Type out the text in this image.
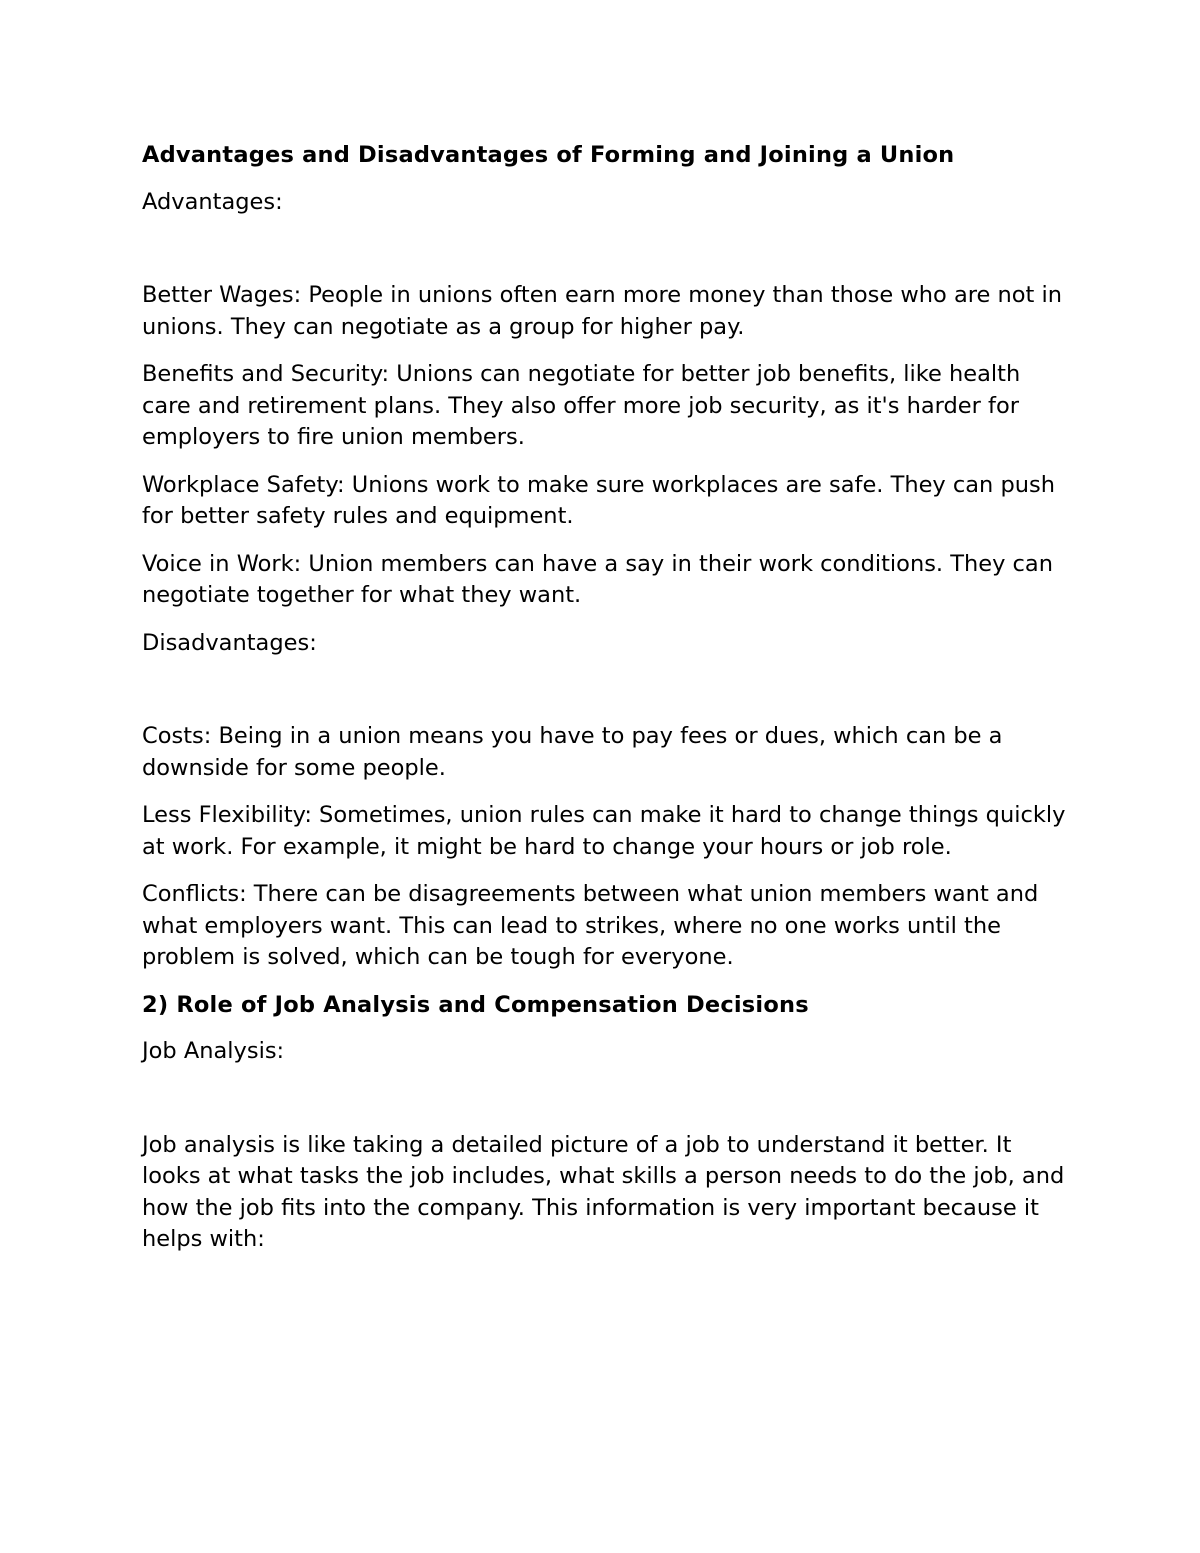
Advantages and Disadvantages of Forming and Joining a Union

Advantages:

Better Wages: People in unions often earn more money than those who are not in unions. They can negotiate as a group for higher pay.

Benefits and Security: Unions can negotiate for better job benefits, like health care and retirement plans. They also offer more job security, as it's harder for employers to fire union members.

Workplace Safety: Unions work to make sure workplaces are safe. They can push for better safety rules and equipment.

Voice in Work: Union members can have a say in their work conditions. They can negotiate together for what they want.

Disadvantages:

Costs: Being in a union means you have to pay fees or dues, which can be a downside for some people.

Less Flexibility: Sometimes, union rules can make it hard to change things quickly at work. For example, it might be hard to change your hours or job role.

Conflicts: There can be disagreements between what union members want and what employers want. This can lead to strikes, where no one works until the problem is solved, which can be tough for everyone.

2) Role of Job Analysis and Compensation Decisions

Job Analysis:

Job analysis is like taking a detailed picture of a job to understand it better. It looks at what tasks the job includes, what skills a person needs to do the job, and how the job fits into the company. This information is very important because it helps with:
